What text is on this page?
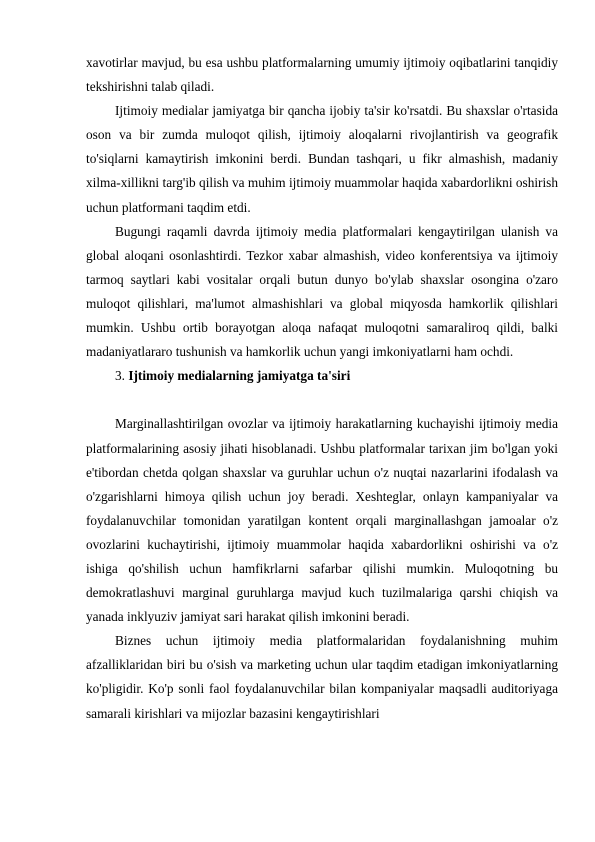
xavotirlar mavjud, bu esa ushbu platformalarning umumiy ijtimoiy oqibatlarini tanqidiy tekshirishni talab qiladi.

Ijtimoiy medialar jamiyatga bir qancha ijobiy ta'sir ko'rsatdi. Bu shaxslar o'rtasida oson va bir zumda muloqot qilish, ijtimoiy aloqalarni rivojlantirish va geografik to'siqlarni kamaytirish imkonini berdi. Bundan tashqari, u fikr almashish, madaniy xilma-xillikni targ'ib qilish va muhim ijtimoiy muammolar haqida xabardorlikni oshirish uchun platformani taqdim etdi.

Bugungi raqamli davrda ijtimoiy media platformalari kengaytirilgan ulanish va global aloqani osonlashtirdi. Tezkor xabar almashish, video konferentsiya va ijtimoiy tarmoq saytlari kabi vositalar orqali butun dunyo bo'ylab shaxslar osongina o'zaro muloqot qilishlari, ma'lumot almashishlari va global miqyosda hamkorlik qilishlari mumkin. Ushbu ortib borayotgan aloqa nafaqat muloqotni samaraliroq qildi, balki madaniyatlararo tushunish va hamkorlik uchun yangi imkoniyatlarni ham ochdi.

3. Ijtimoiy medialarning jamiyatga ta'siri

Marginallashtirilgan ovozlar va ijtimoiy harakatlarning kuchayishi ijtimoiy media platformalarining asosiy jihati hisoblanadi. Ushbu platformalar tarixan jim bo'lgan yoki e'tibordan chetda qolgan shaxslar va guruhlar uchun o'z nuqtai nazarlarini ifodalash va o'zgarishlarni himoya qilish uchun joy beradi. Xeshteglar, onlayn kampaniyalar va foydalanuvchilar tomonidan yaratilgan kontent orqali marginallashgan jamoalar o'z ovozlarini kuchaytirishi, ijtimoiy muammolar haqida xabardorlikni oshirishi va o'z ishiga qo'shilish uchun hamfikrlarni safarbar qilishi mumkin. Muloqotning bu demokratlashuvi marginal guruhlarga mavjud kuch tuzilmalariga qarshi chiqish va yanada inklyuziv jamiyat sari harakat qilish imkonini beradi.

Biznes uchun ijtimoiy media platformalaridan foydalanishning muhim afzalliklaridan biri bu o'sish va marketing uchun ular taqdim etadigan imkoniyatlarning ko'pligidir. Ko'p sonli faol foydalanuvchilar bilan kompaniyalar maqsadli auditoriyaga samarali kirishlari va mijozlar bazasini kengaytirishlari
